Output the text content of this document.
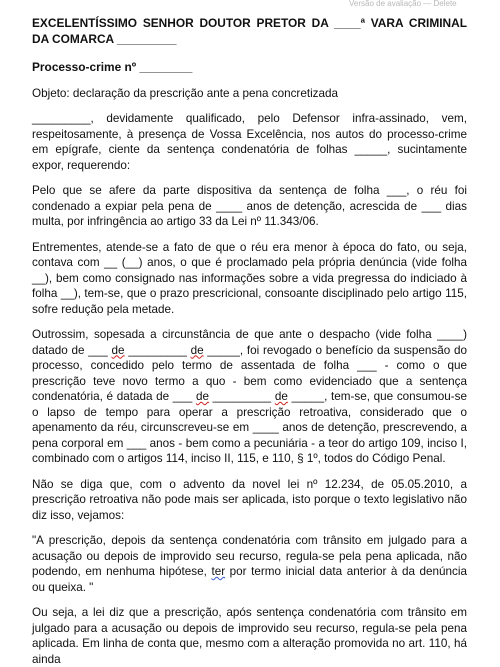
Versão de avaliação — Delete

EXCELENTÍSSIMO SENHOR DOUTOR PRETOR DA ____ª VARA CRIMINAL DA COMARCA _________

Processo-crime nº ________

Objeto: declaração da prescrição ante a pena concretizada

_________, devidamente qualificado, pelo Defensor infra-assinado, vem, respeitosamente, à presença de Vossa Excelência, nos autos do processo-crime em epígrafe, ciente da sentença condenatória de folhas _____, sucintamente expor, requerendo:

Pelo que se afere da parte dispositiva da sentença de folha ___, o réu foi condenado a expiar pela pena de ____ anos de detenção, acrescida de ___ dias multa, por infringência ao artigo 33 da Lei nº 11.343/06.

Entrementes, atende-se a fato de que o réu era menor à época do fato, ou seja, contava com __ (__) anos, o que é proclamado pela própria denúncia (vide folha __), bem como consignado nas informações sobre a vida pregressa do indiciado à folha __), tem-se, que o prazo prescricional, consoante disciplinado pelo artigo 115, sofre redução pela metade.

Outrossim, sopesada a circunstância de que ante o despacho (vide folha ____) datado de ___ de _________ de _____, foi revogado o benefício da suspensão do processo, concedido pelo termo de assentada de folha ___ - como o que prescrição teve novo termo a quo - bem como evidenciado que a sentença condenatória, é datada de ___ de _________ de _____, tem-se, que consumou-se o lapso de tempo para operar a prescrição retroativa, considerado que o apenamento da réu, circunscreveu-se em ____ anos de detenção, prescrevendo, a pena corporal em ___ anos - bem como a pecuniária - a teor do artigo 109, inciso I, combinado com o artigos 114, inciso II, 115, e 110, § 1º, todos do Código Penal.

Não se diga que, com o advento da novel lei nº 12.234, de 05.05.2010, a prescrição retroativa não pode mais ser aplicada, isto porque o texto legislativo não diz isso, vejamos:

"A prescrição, depois da sentença condenatória com trânsito em julgado para a acusação ou depois de improvido seu recurso, regula-se pela pena aplicada, não podendo, em nenhuma hipótese, ter por termo inicial data anterior à da denúncia ou queixa. "

Ou seja, a lei diz que a prescrição, após sentença condenatória com trânsito em julgado para a acusação ou depois de improvido seu recurso, regula-se pela pena aplicada. Em linha de conta que, mesmo com a alteração promovida no art. 110, há ainda
